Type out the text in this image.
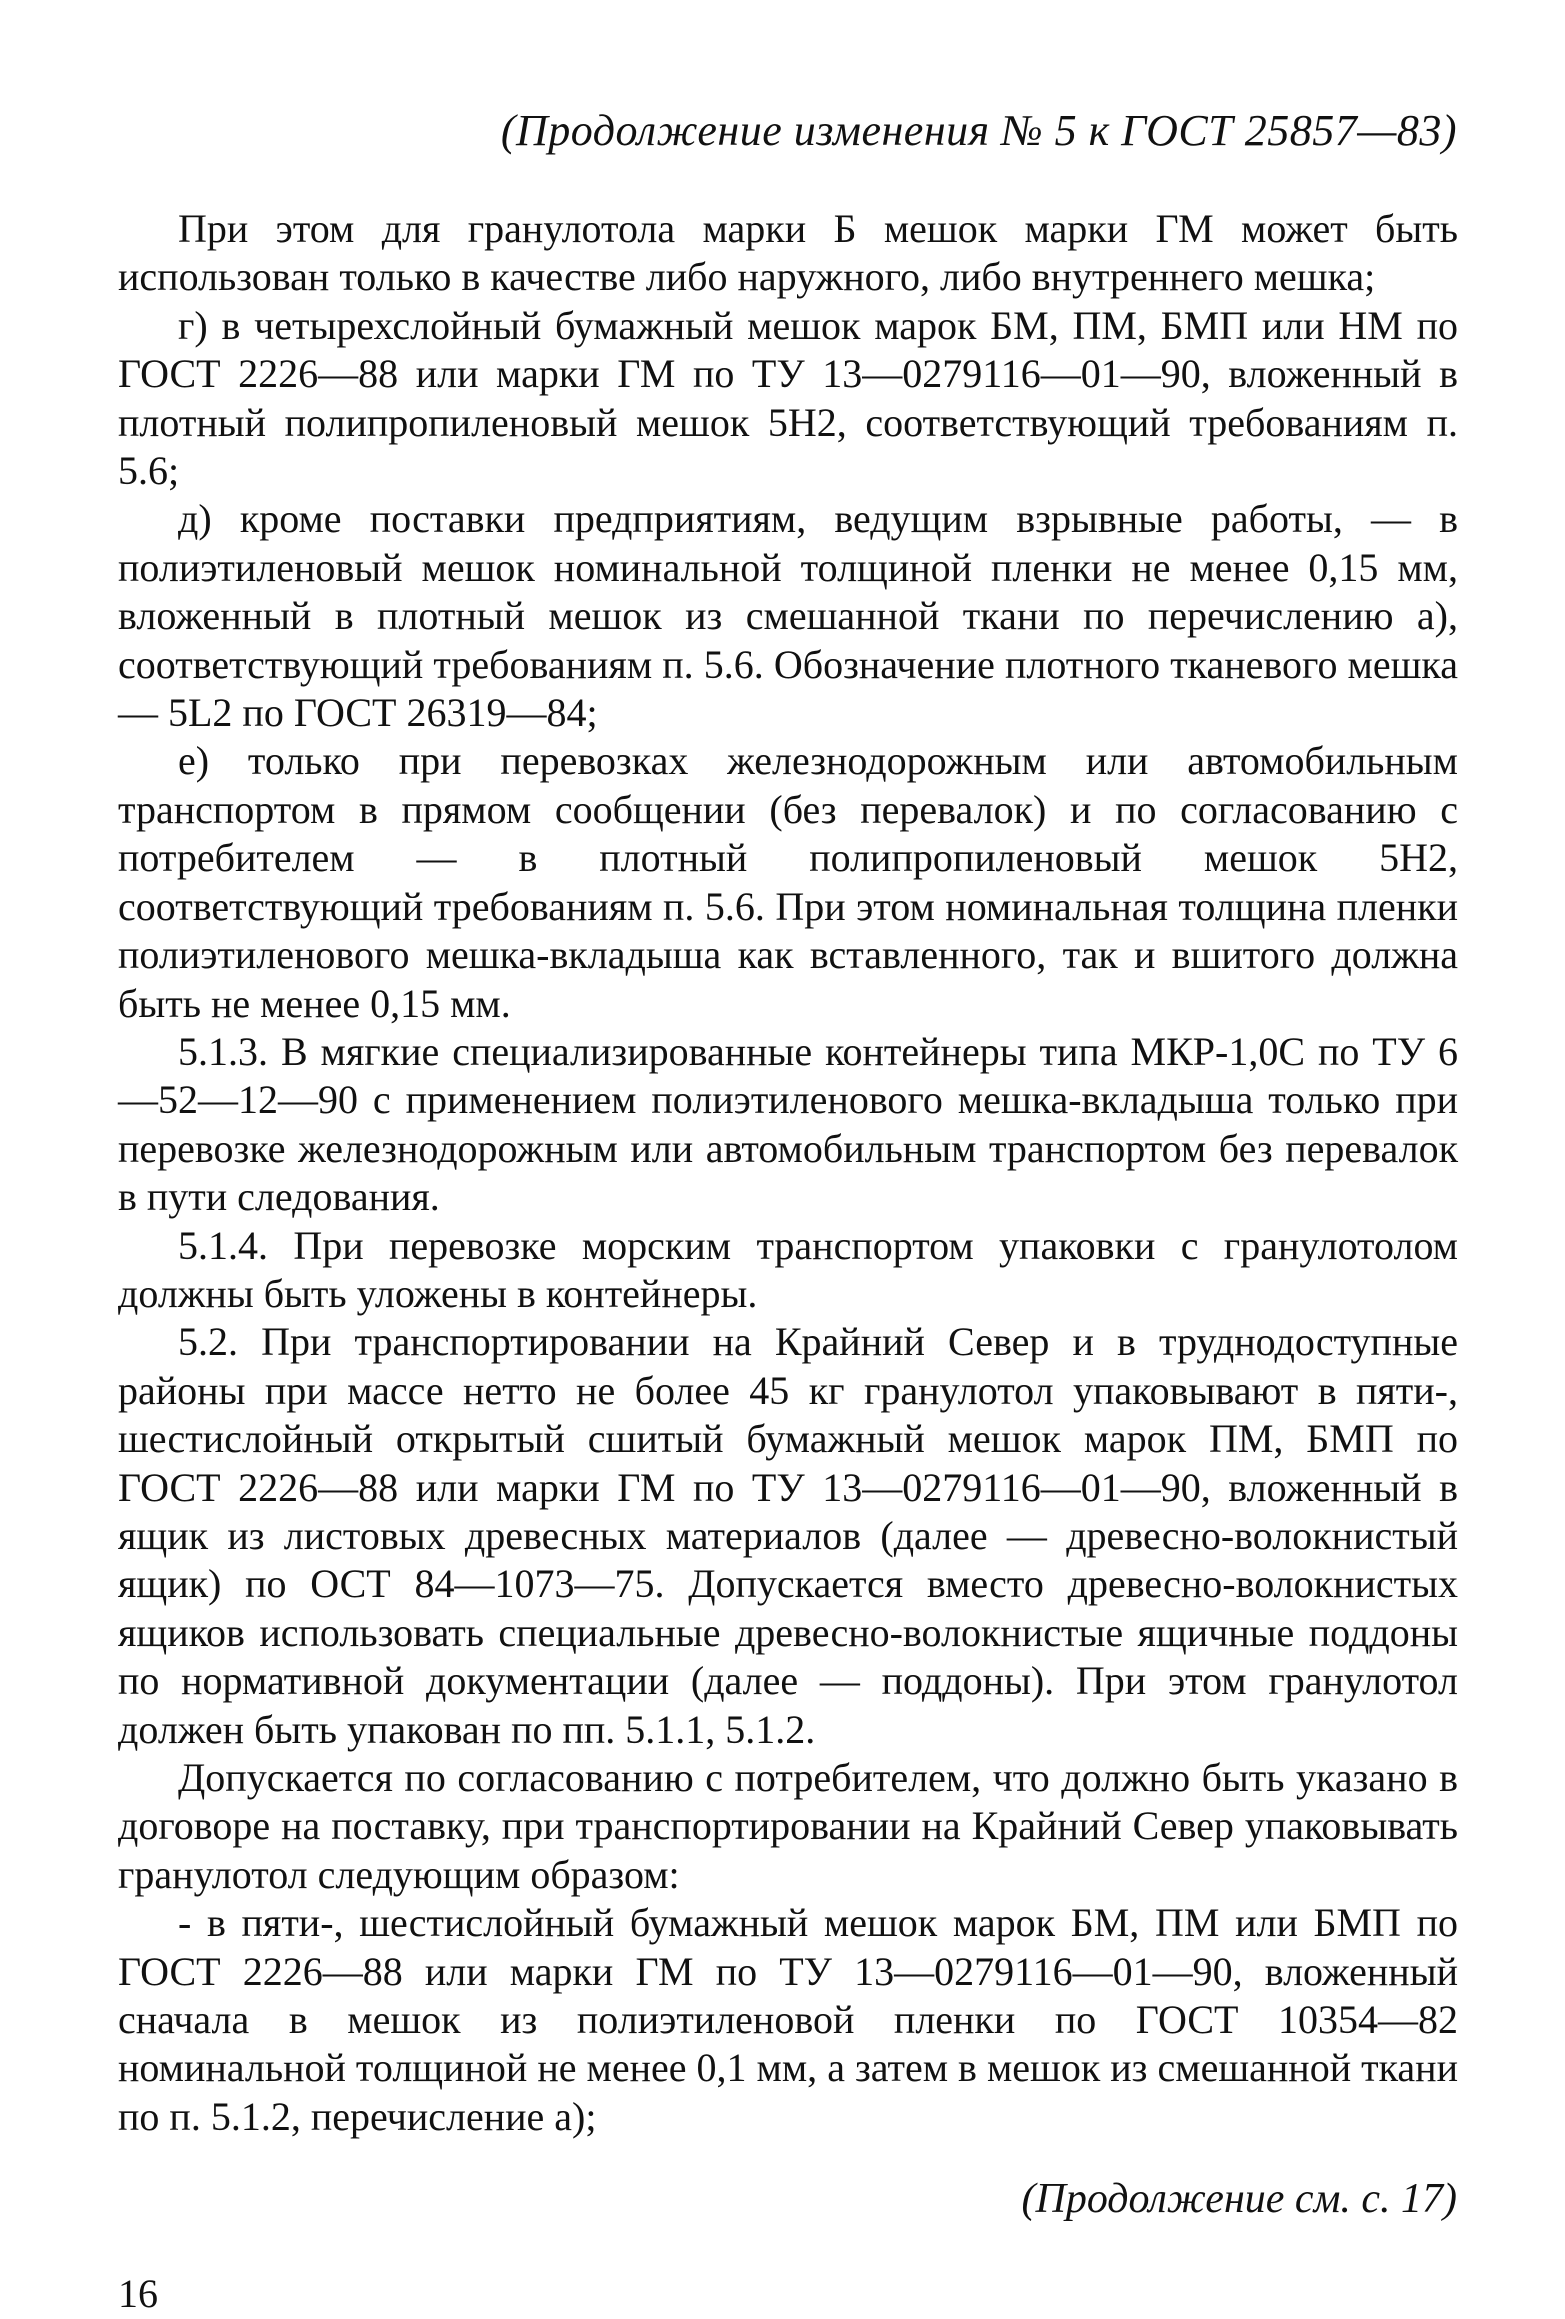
(Продолжение изменения № 5 к ГОСТ 25857—83)

При этом для гранулотола марки Б мешок марки ГМ может быть использован только в качестве либо наружного, либо внутреннего мешка;

г) в четырехслойный бумажный мешок марок БМ, ПМ, БМП или НМ по ГОСТ 2226—88 или марки ГМ по ТУ 13—0279116—01—90, вложенный в плотный полипропиленовый мешок 5Н2, соответствующий требованиям п. 5.6;

д) кроме поставки предприятиям, ведущим взрывные работы, — в полиэтиленовый мешок номинальной толщиной пленки не менее 0,15 мм, вложенный в плотный мешок из смешанной ткани по перечислению а), соответствующий требованиям п. 5.6. Обозначение плотного тканевого мешка — 5L2 по ГОСТ 26319—84;

е) только при перевозках железнодорожным или автомобильным транспортом в прямом сообщении (без перевалок) и по согласованию с потребителем — в плотный полипропиленовый мешок 5Н2, соответствующий требованиям п. 5.6. При этом номинальная толщина пленки полиэтиленового мешка-вкладыша как вставленного, так и вшитого должна быть не менее 0,15 мм.

5.1.3. В мягкие специализированные контейнеры типа МКР-1,0С по ТУ 6—52—12—90 с применением полиэтиленового мешка-вкладыша только при перевозке железнодорожным или автомобильным транспортом без перевалок в пути следования.

5.1.4. При перевозке морским транспортом упаковки с гранулотолом должны быть уложены в контейнеры.

5.2. При транспортировании на Крайний Север и в труднодоступные районы при массе нетто не более 45 кг гранулотол упаковывают в пяти-, шестислойный открытый сшитый бумажный мешок марок ПМ, БМП по ГОСТ 2226—88 или марки ГМ по ТУ 13—0279116—01—90, вложенный в ящик из листовых древесных материалов (далее — древесно-волокнистый ящик) по ОСТ 84—1073—75. Допускается вместо древесно-волокнистых ящиков использовать специальные древесно-волокнистые ящичные поддоны по нормативной документации (далее — поддоны). При этом гранулотол должен быть упакован по пп. 5.1.1, 5.1.2.

Допускается по согласованию с потребителем, что должно быть указано в договоре на поставку, при транспортировании на Крайний Север упаковывать гранулотол следующим образом:

- в пяти-, шестислойный бумажный мешок марок БМ, ПМ или БМП по ГОСТ 2226—88 или марки ГМ по ТУ 13—0279116—01—90, вложенный сначала в мешок из полиэтиленовой пленки по ГОСТ 10354—82 номинальной толщиной не менее 0,1 мм, а затем в мешок из смешанной ткани по п. 5.1.2, перечисление а);

(Продолжение см. с. 17)
16
